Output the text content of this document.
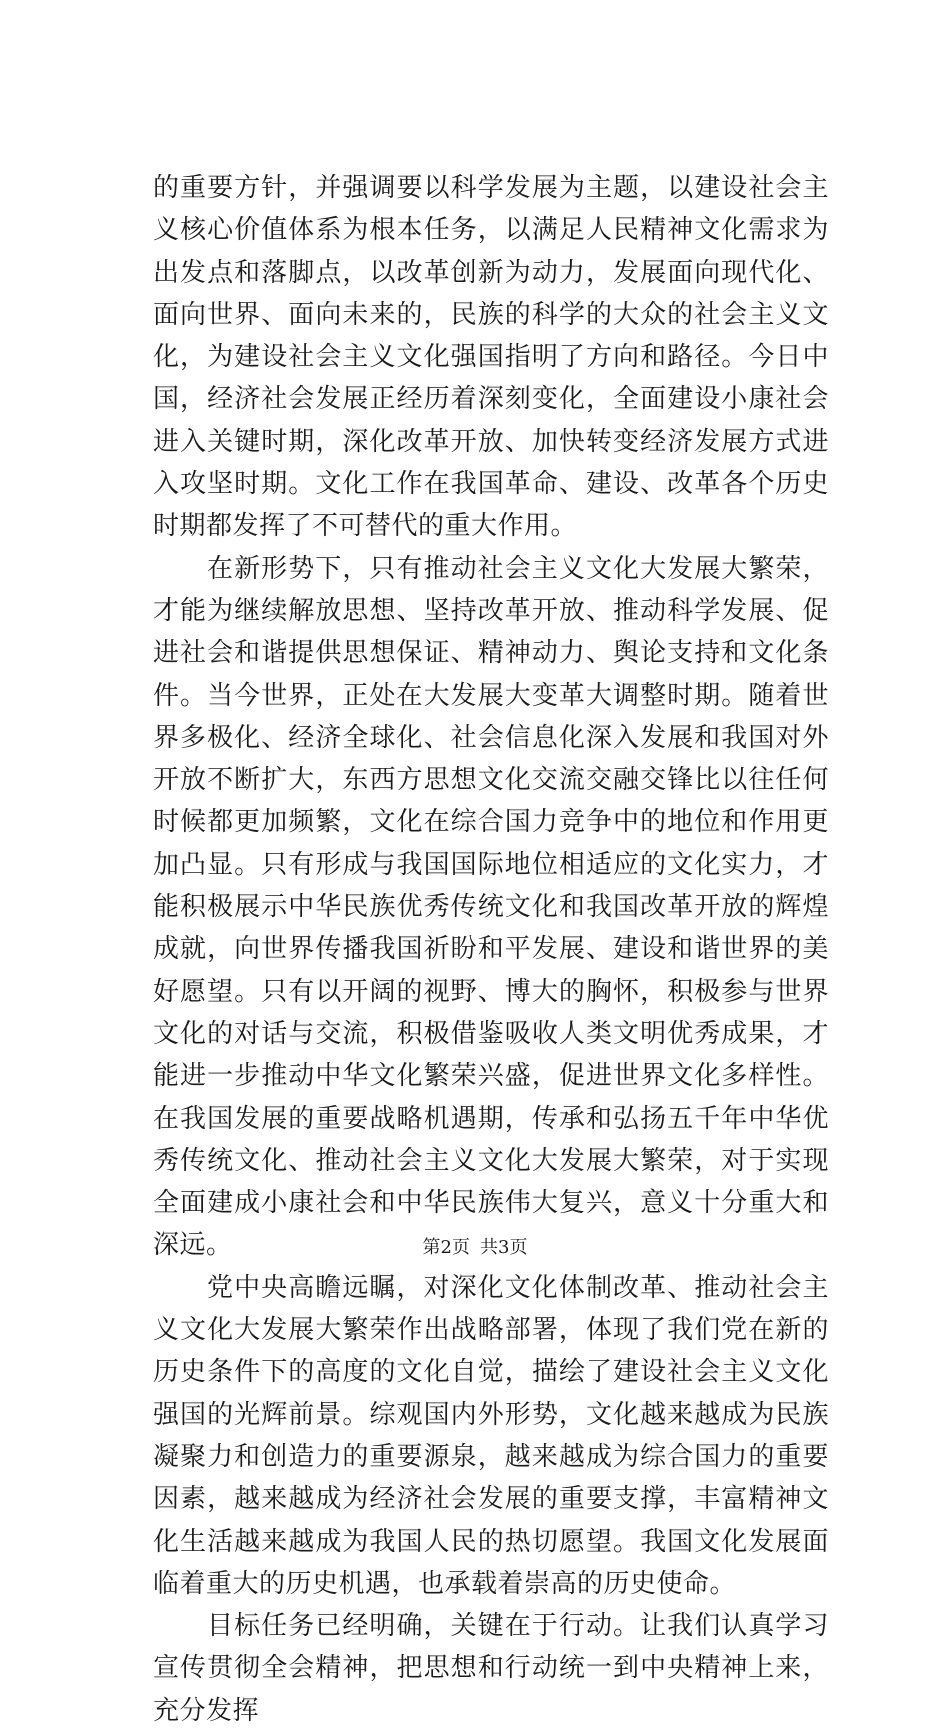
的重要方针，并强调要以科学发展为主题，以建设社会主义核心价值体系为根本任务，以满足人民精神文化需求为出发点和落脚点，以改革创新为动力，发展面向现代化、面向世界、面向未来的，民族的科学的大众的社会主义文化，为建设社会主义文化强国指明了方向和路径。今日中国，经济社会发展正经历着深刻变化，全面建设小康社会进入关键时期，深化改革开放、加快转变经济发展方式进入攻坚时期。文化工作在我国革命、建设、改革各个历史时期都发挥了不可替代的重大作用。

在新形势下，只有推动社会主义文化大发展大繁荣，才能为继续解放思想、坚持改革开放、推动科学发展、促进社会和谐提供思想保证、精神动力、舆论支持和文化条件。当今世界，正处在大发展大变革大调整时期。随着世界多极化、经济全球化、社会信息化深入发展和我国对外开放不断扩大，东西方思想文化交流交融交锋比以往任何时候都更加频繁，文化在综合国力竞争中的地位和作用更加凸显。只有形成与我国国际地位相适应的文化实力，才能积极展示中华民族优秀传统文化和我国改革开放的辉煌成就，向世界传播我国祈盼和平发展、建设和谐世界的美好愿望。只有以开阔的视野、博大的胸怀，积极参与世界文化的对话与交流，积极借鉴吸收人类文明优秀成果，才能进一步推动中华文化繁荣兴盛，促进世界文化多样性。在我国发展的重要战略机遇期，传承和弘扬五千年中华优秀传统文化、推动社会主义文化大发展大繁荣，对于实现全面建成小康社会和中华民族伟大复兴，意义十分重大和深远。

党中央高瞻远瞩，对深化文化体制改革、推动社会主义文化大发展大繁荣作出战略部署，体现了我们党在新的历史条件下的高度的文化自觉，描绘了建设社会主义文化强国的光辉前景。综观国内外形势，文化越来越成为民族凝聚力和创造力的重要源泉，越来越成为综合国力的重要因素，越来越成为经济社会发展的重要支撑，丰富精神文化生活越来越成为我国人民的热切愿望。我国文化发展面临着重大的历史机遇，也承载着崇高的历史使命。

目标任务已经明确，关键在于行动。让我们认真学习宣传贯彻全会精神，把思想和行动统一到中央精神上来，充分发挥

第2页 共3页
